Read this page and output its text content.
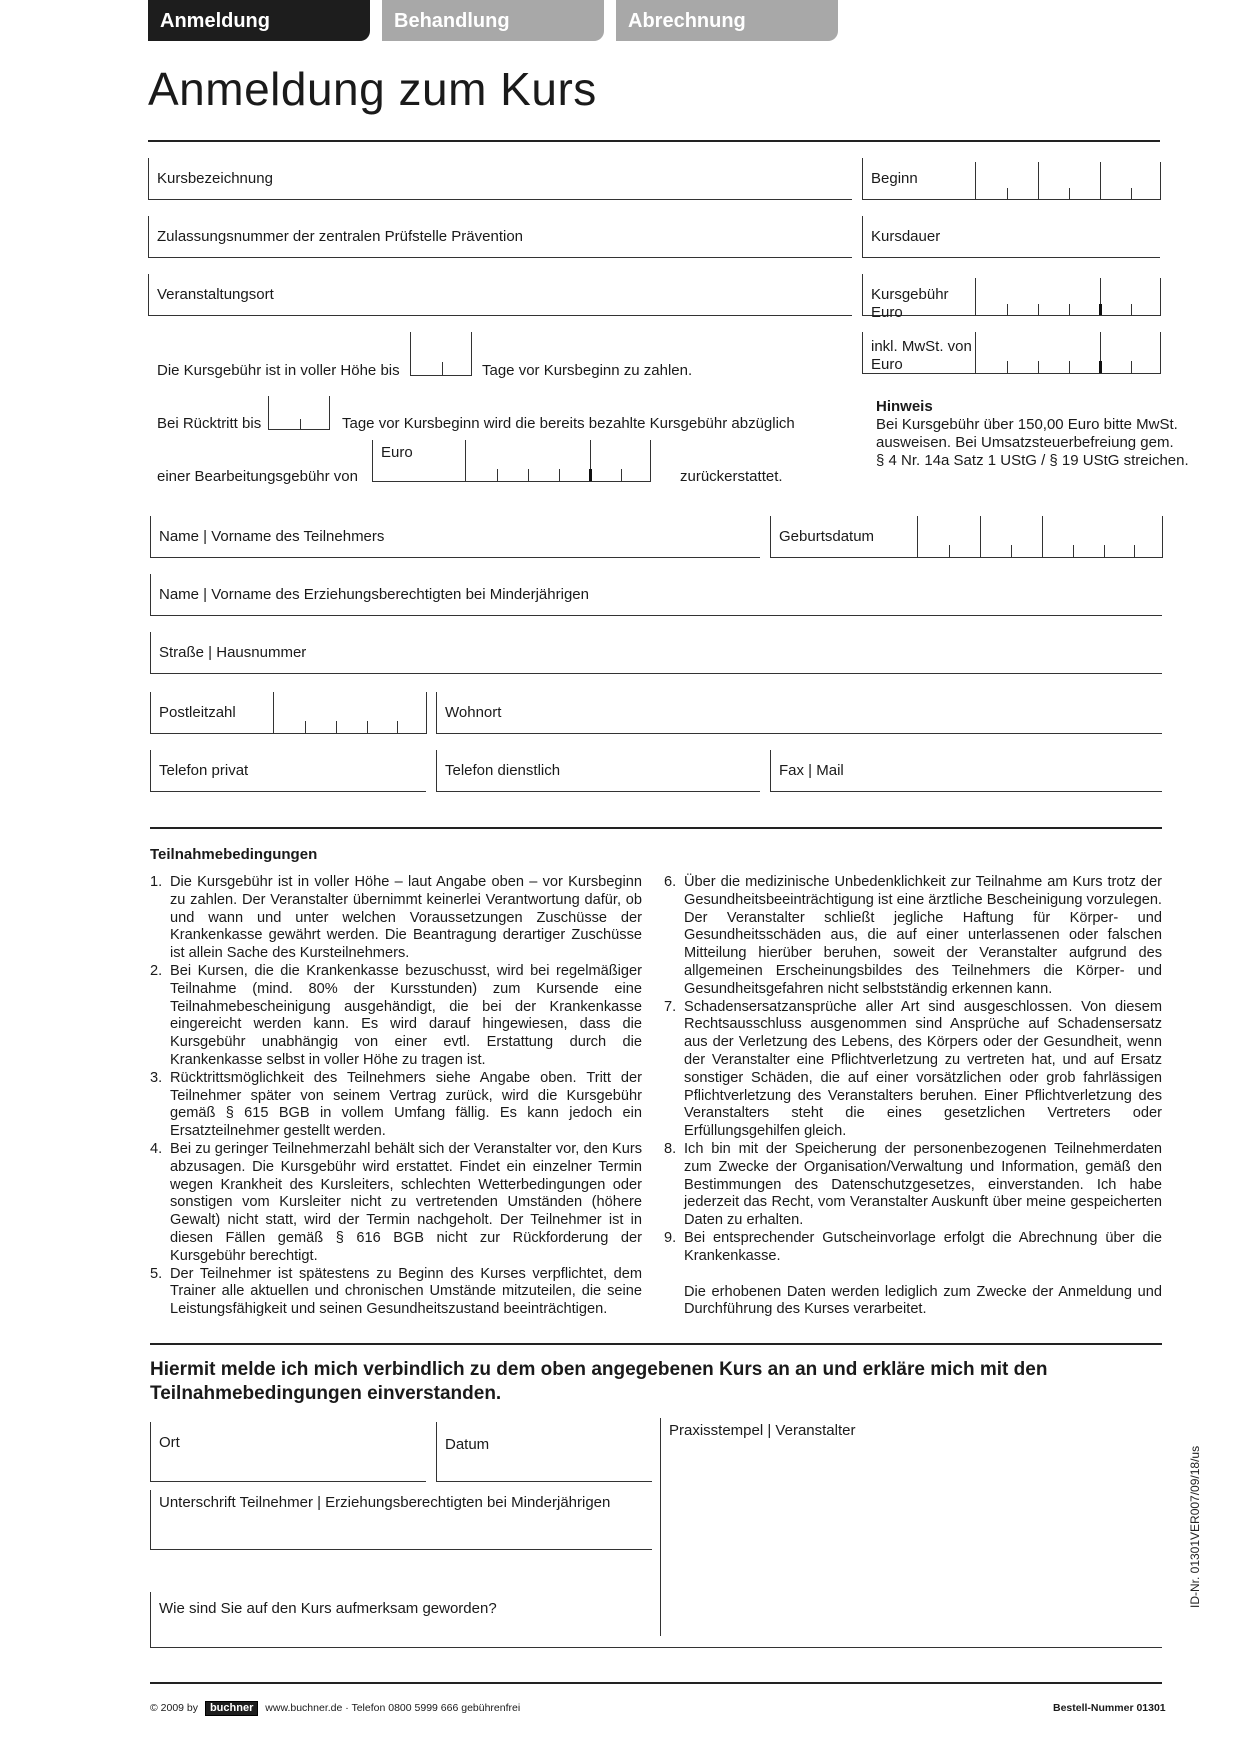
Anmeldung	Behandlung	Abrechnung
Anmeldung zum Kurs
Kursbezeichnung	Beginn
Zulassungsnummer der zentralen Prüfstelle Prävention	Kursdauer
Veranstaltungsort	Kursgebühr
Euro
Die Kursgebühr ist in voller Höhe bis	Tage vor Kursbeginn zu zahlen.
inkl. MwSt. von
Euro
Bei Rücktritt bis	Tage vor Kursbeginn wird die bereits bezahlte Kursgebühr abzüglich
einer Bearbeitungsgebühr von
Euro
zurückerstattet.
Hinweis
Bei Kursgebühr über 150,00 Euro bitte MwSt.
ausweisen. Bei Umsatzsteuerbefreiung gem.
§ 4 Nr. 14a Satz 1 UStG / § 19 UStG streichen.
Name | Vorname des Teilnehmers	Geburtsdatum
Name | Vorname des Erziehungsberechtigten bei Minderjährigen
Straße | Hausnummer
Postleitzahl	Wohnort
Telefon privat	Telefon dienstlich	Fax | Mail
Teilnahmebedingungen
1. Die Kursgebühr ist in voller Höhe – laut Angabe oben – vor Kursbeginn zu zahlen. Der Veranstalter übernimmt keinerlei Verantwortung dafür, ob und wann und unter welchen Voraussetzungen Zuschüsse der Krankenkasse gewährt werden. Die Beantragung derartiger Zuschüsse ist allein Sache des Kursteilnehmers.
2. Bei Kursen, die die Krankenkasse bezuschusst, wird bei regelmäßiger Teilnahme (mind. 80% der Kursstunden) zum Kursende eine Teilnahmebescheinigung ausgehändigt, die bei der Krankenkasse eingereicht werden kann. Es wird darauf hingewiesen, dass die Kursgebühr unabhängig von einer evtl. Erstattung durch die Krankenkasse selbst in voller Höhe zu tragen ist.
3. Rücktrittsmöglichkeit des Teilnehmers siehe Angabe oben. Tritt der Teilnehmer später von seinem Vertrag zurück, wird die Kursgebühr gemäß § 615 BGB in vollem Umfang fällig. Es kann jedoch ein Ersatzteilnehmer gestellt werden.
4. Bei zu geringer Teilnehmerzahl behält sich der Veranstalter vor, den Kurs abzusagen. Die Kursgebühr wird erstattet. Findet ein einzelner Termin wegen Krankheit des Kursleiters, schlechten Wetterbedingungen oder sonstigen vom Kursleiter nicht zu vertretenden Umständen (höhere Gewalt) nicht statt, wird der Termin nachgeholt. Der Teilnehmer ist in diesen Fällen gemäß § 616 BGB nicht zur Rückforderung der Kursgebühr berechtigt.
5. Der Teilnehmer ist spätestens zu Beginn des Kurses verpflichtet, dem Trainer alle aktuellen und chronischen Umstände mitzuteilen, die seine Leistungsfähigkeit und seinen Gesundheitszustand beeinträchtigen.
6. Über die medizinische Unbedenklichkeit zur Teilnahme am Kurs trotz der Gesundheitsbeeinträchtigung ist eine ärztliche Bescheinigung vorzulegen. Der Veranstalter schließt jegliche Haftung für Körper- und Gesundheitsschäden aus, die auf einer unterlassenen oder falschen Mitteilung hierüber beruhen, soweit der Veranstalter aufgrund des allgemeinen Erscheinungsbildes des Teilnehmers die Körper- und Gesundheitsgefahren nicht selbstständig erkennen kann.
7. Schadensersatzansprüche aller Art sind ausgeschlossen. Von diesem Rechtsausschluss ausgenommen sind Ansprüche auf Schadensersatz aus der Verletzung des Lebens, des Körpers oder der Gesundheit, wenn der Veranstalter eine Pflichtverletzung zu vertreten hat, und auf Ersatz sonstiger Schäden, die auf einer vorsätzlichen oder grob fahrlässigen Pflichtverletzung des Veranstalters beruhen. Einer Pflichtverletzung des Veranstalters steht die eines gesetzlichen Vertreters oder Erfüllungsgehilfen gleich.
8. Ich bin mit der Speicherung der personenbezogenen Teilnehmerdaten zum Zwecke der Organisation/Verwaltung und Information, gemäß den Bestimmungen des Datenschutzgesetzes, einverstanden. Ich habe jederzeit das Recht, vom Veranstalter Auskunft über meine gespeicherten Daten zu erhalten.
9. Bei entsprechender Gutscheinvorlage erfolgt die Abrechnung über die Krankenkasse.

Die erhobenen Daten werden lediglich zum Zwecke der Anmeldung und Durchführung des Kurses verarbeitet.

Hiermit melde ich mich verbindlich zu dem oben angegebenen Kurs an an und erkläre mich mit den Teilnahmebedingungen einverstanden.
Ort	Datum
Praxisstempel | Veranstalter
Unterschrift Teilnehmer | Erziehungsberechtigten bei Minderjährigen
Wie sind Sie auf den Kurs aufmerksam geworden?
© 2009 by buchner www.buchner.de · Telefon 0800 5999 666 gebührenfrei	Bestell-Nummer 01301
ID-Nr. 01301VER007/09/18/us
